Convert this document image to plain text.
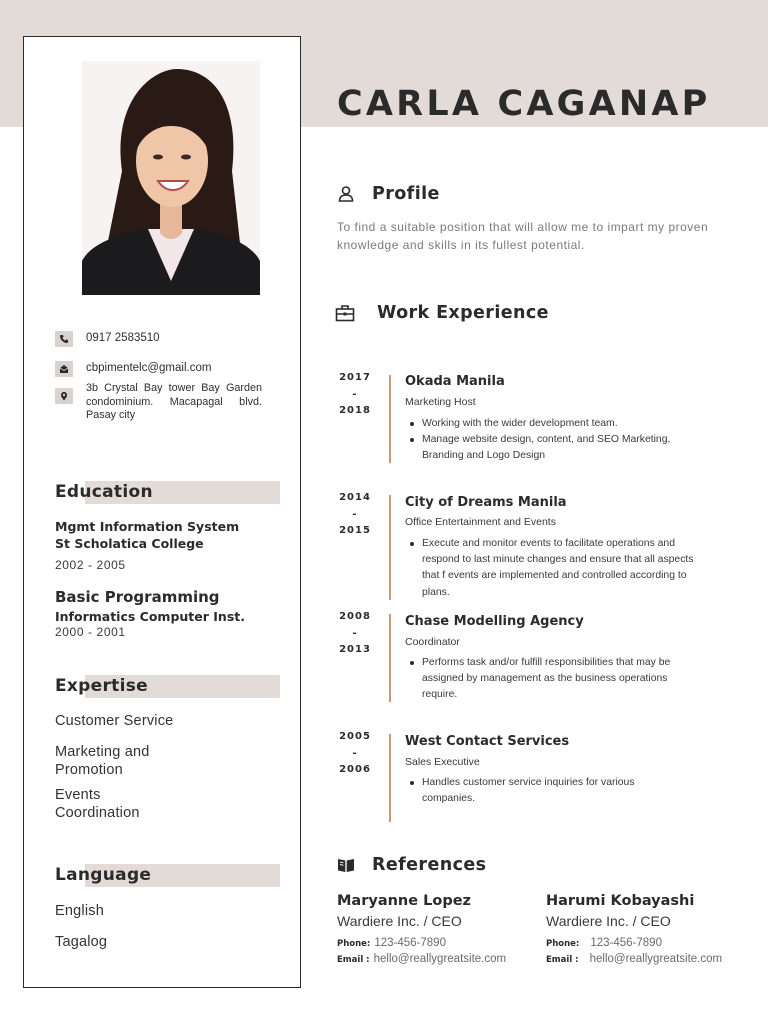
0917 2583510
cbpimentelc@gmail.com
3b Crystal Bay tower Bay Garden condominium. Macapagal blvd. Pasay city
Education
Mgmt Information System
St Scholatica College
2002 - 2005
Basic Programming
Informatics Computer Inst.
2000 - 2001
Expertise
Customer Service
Marketing and Promotion
Events Coordination
Language
English
Tagalog
CARLA CAGANAP
Profile
To find a suitable position that will allow me to impart my proven knowledge and skills in its fullest potential.
Work Experience
2017
-
2018
Okada Manila
Marketing Host
Working with the wider development team.
Manage website design, content, and SEO Marketing, Branding and Logo Design
2014
-
2015
City of Dreams Manila
Office Entertainment and Events
Execute and monitor events to facilitate operations and respond to last minute changes and ensure that all aspects that f events are implemented and controlled according to plans.
2008
-
2013
Chase Modelling Agency
Coordinator
Performs task and/or fulfill responsibilities that may be assigned by management as the business operations require.
2005
-
2006
West Contact Services
Sales Executive
Handles customer service inquiries for various companies.
References
Maryanne Lopez
Wardiere Inc. / CEO
Phone: 123-456-7890
Email : hello@reallygreatsite.com
Harumi Kobayashi
Wardiere Inc. / CEO
Phone: 123-456-7890
Email : hello@reallygreatsite.com
